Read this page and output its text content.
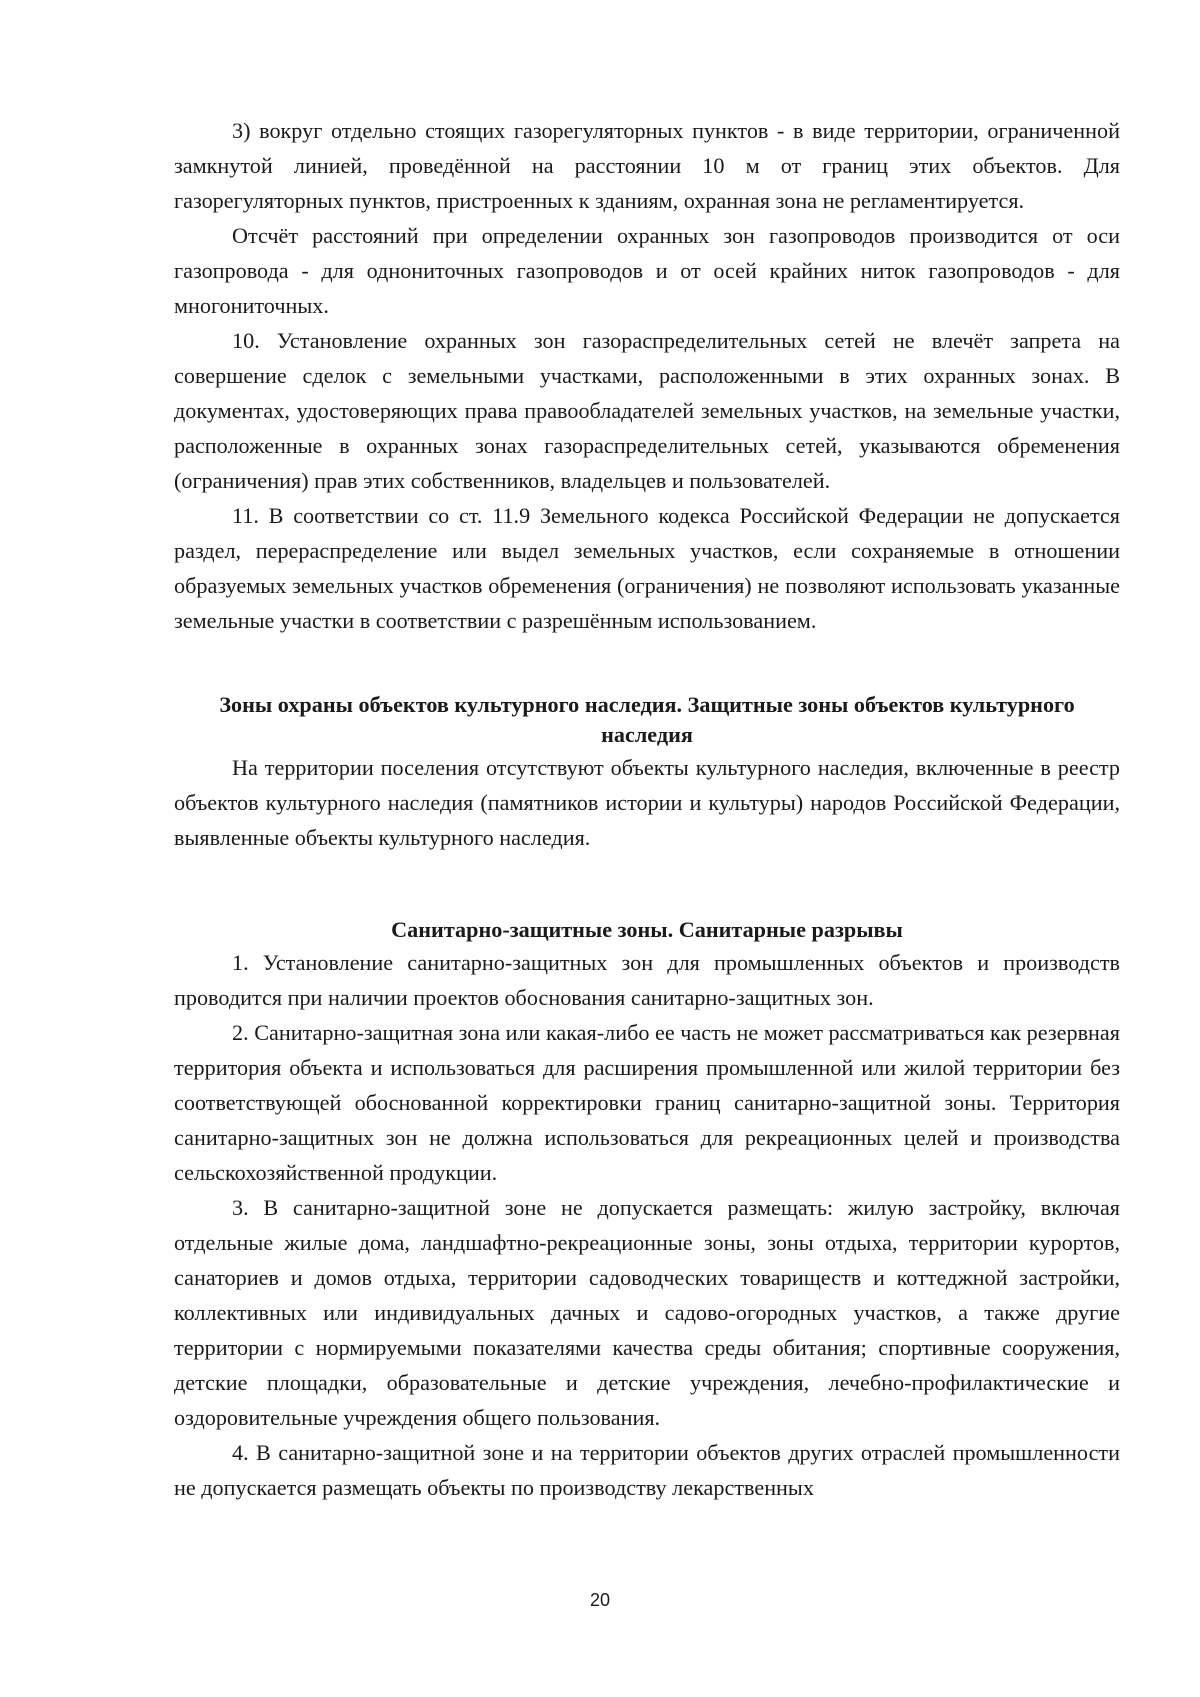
3) вокруг отдельно стоящих газорегуляторных пунктов - в виде территории, ограниченной замкнутой линией, проведённой на расстоянии 10 м от границ этих объектов. Для газорегуляторных пунктов, пристроенных к зданиям, охранная зона не регламентируется.

Отсчёт расстояний при определении охранных зон газопроводов производится от оси газопровода - для однониточных газопроводов и от осей крайних ниток газопроводов - для многониточных.

10. Установление охранных зон газораспределительных сетей не влечёт запрета на совершение сделок с земельными участками, расположенными в этих охранных зонах. В документах, удостоверяющих права правообладателей земельных участков, на земельные участки, расположенные в охранных зонах газораспределительных сетей, указываются обременения (ограничения) прав этих собственников, владельцев и пользователей.

11. В соответствии со ст. 11.9 Земельного кодекса Российской Федерации не допускается раздел, перераспределение или выдел земельных участков, если сохраняемые в отношении образуемых земельных участков обременения (ограничения) не позволяют использовать указанные земельные участки в соответствии с разрешённым использованием.

Зоны охраны объектов культурного наследия. Защитные зоны объектов культурного наследия

На территории поселения отсутствуют объекты культурного наследия, включенные в реестр объектов культурного наследия (памятников истории и культуры) народов Российской Федерации, выявленные объекты культурного наследия.

Санитарно-защитные зоны. Санитарные разрывы

1. Установление санитарно-защитных зон для промышленных объектов и производств проводится при наличии проектов обоснования санитарно-защитных зон.

2. Санитарно-защитная зона или какая-либо ее часть не может рассматриваться как резервная территория объекта и использоваться для расширения промышленной или жилой территории без соответствующей обоснованной корректировки границ санитарно-защитной зоны. Территория санитарно-защитных зон не должна использоваться для рекреационных целей и производства сельскохозяйственной продукции.

3. В санитарно-защитной зоне не допускается размещать: жилую застройку, включая отдельные жилые дома, ландшафтно-рекреационные зоны, зоны отдыха, территории курортов, санаториев и домов отдыха, территории садоводческих товариществ и коттеджной застройки, коллективных или индивидуальных дачных и садово-огородных участков, а также другие территории с нормируемыми показателями качества среды обитания; спортивные сооружения, детские площадки, образовательные и детские учреждения, лечебно-профилактические и оздоровительные учреждения общего пользования.

4. В санитарно-защитной зоне и на территории объектов других отраслей промышленности не допускается размещать объекты по производству лекарственных

20
